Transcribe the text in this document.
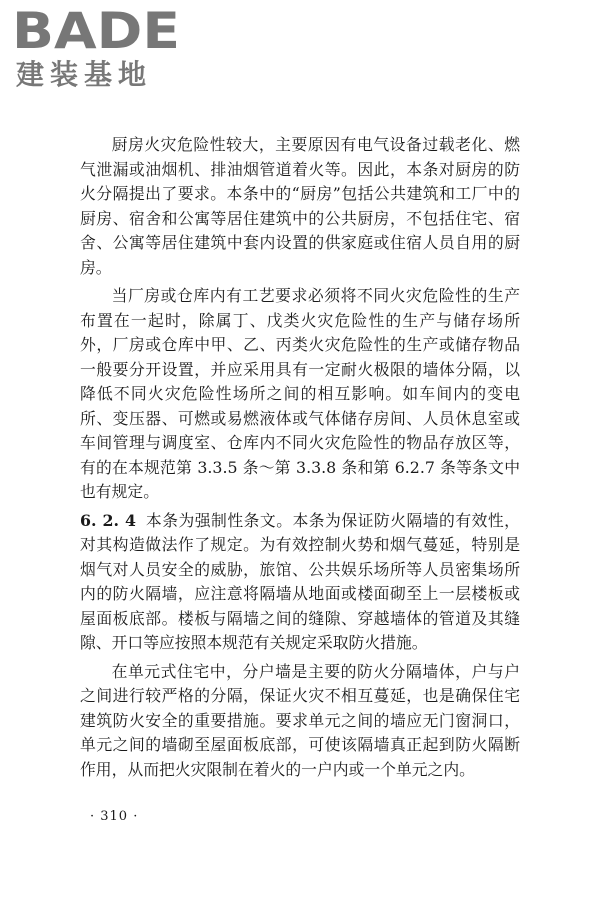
BADE
建装基地

厨房火灾危险性较大，主要原因有电气设备过载老化、燃气泄漏或油烟机、排油烟管道着火等。因此，本条对厨房的防火分隔提出了要求。本条中的“厨房”包括公共建筑和工厂中的厨房、宿舍和公寓等居住建筑中的公共厨房，不包括住宅、宿舍、公寓等居住建筑中套内设置的供家庭或住宿人员自用的厨房。

当厂房或仓库内有工艺要求必须将不同火灾危险性的生产布置在一起时，除属丁、戊类火灾危险性的生产与储存场所外，厂房或仓库中甲、乙、丙类火灾危险性的生产或储存物品一般要分开设置，并应采用具有一定耐火极限的墙体分隔，以降低不同火灾危险性场所之间的相互影响。如车间内的变电所、变压器、可燃或易燃液体或气体储存房间、人员休息室或车间管理与调度室、仓库内不同火灾危险性的物品存放区等，有的在本规范第 3.3.5 条～第 3.3.8 条和第 6.2.7 条等条文中也有规定。

6. 2. 4 本条为强制性条文。本条为保证防火隔墙的有效性，对其构造做法作了规定。为有效控制火势和烟气蔓延，特别是烟气对人员安全的威胁，旅馆、公共娱乐场所等人员密集场所内的防火隔墙，应注意将隔墙从地面或楼面砌至上一层楼板或屋面板底部。楼板与隔墙之间的缝隙、穿越墙体的管道及其缝隙、开口等应按照本规范有关规定采取防火措施。

在单元式住宅中，分户墙是主要的防火分隔墙体，户与户之间进行较严格的分隔，保证火灾不相互蔓延，也是确保住宅建筑防火安全的重要措施。要求单元之间的墙应无门窗洞口，单元之间的墙砌至屋面板底部，可使该隔墙真正起到防火隔断作用，从而把火灾限制在着火的一户内或一个单元之内。

· 310 ·
